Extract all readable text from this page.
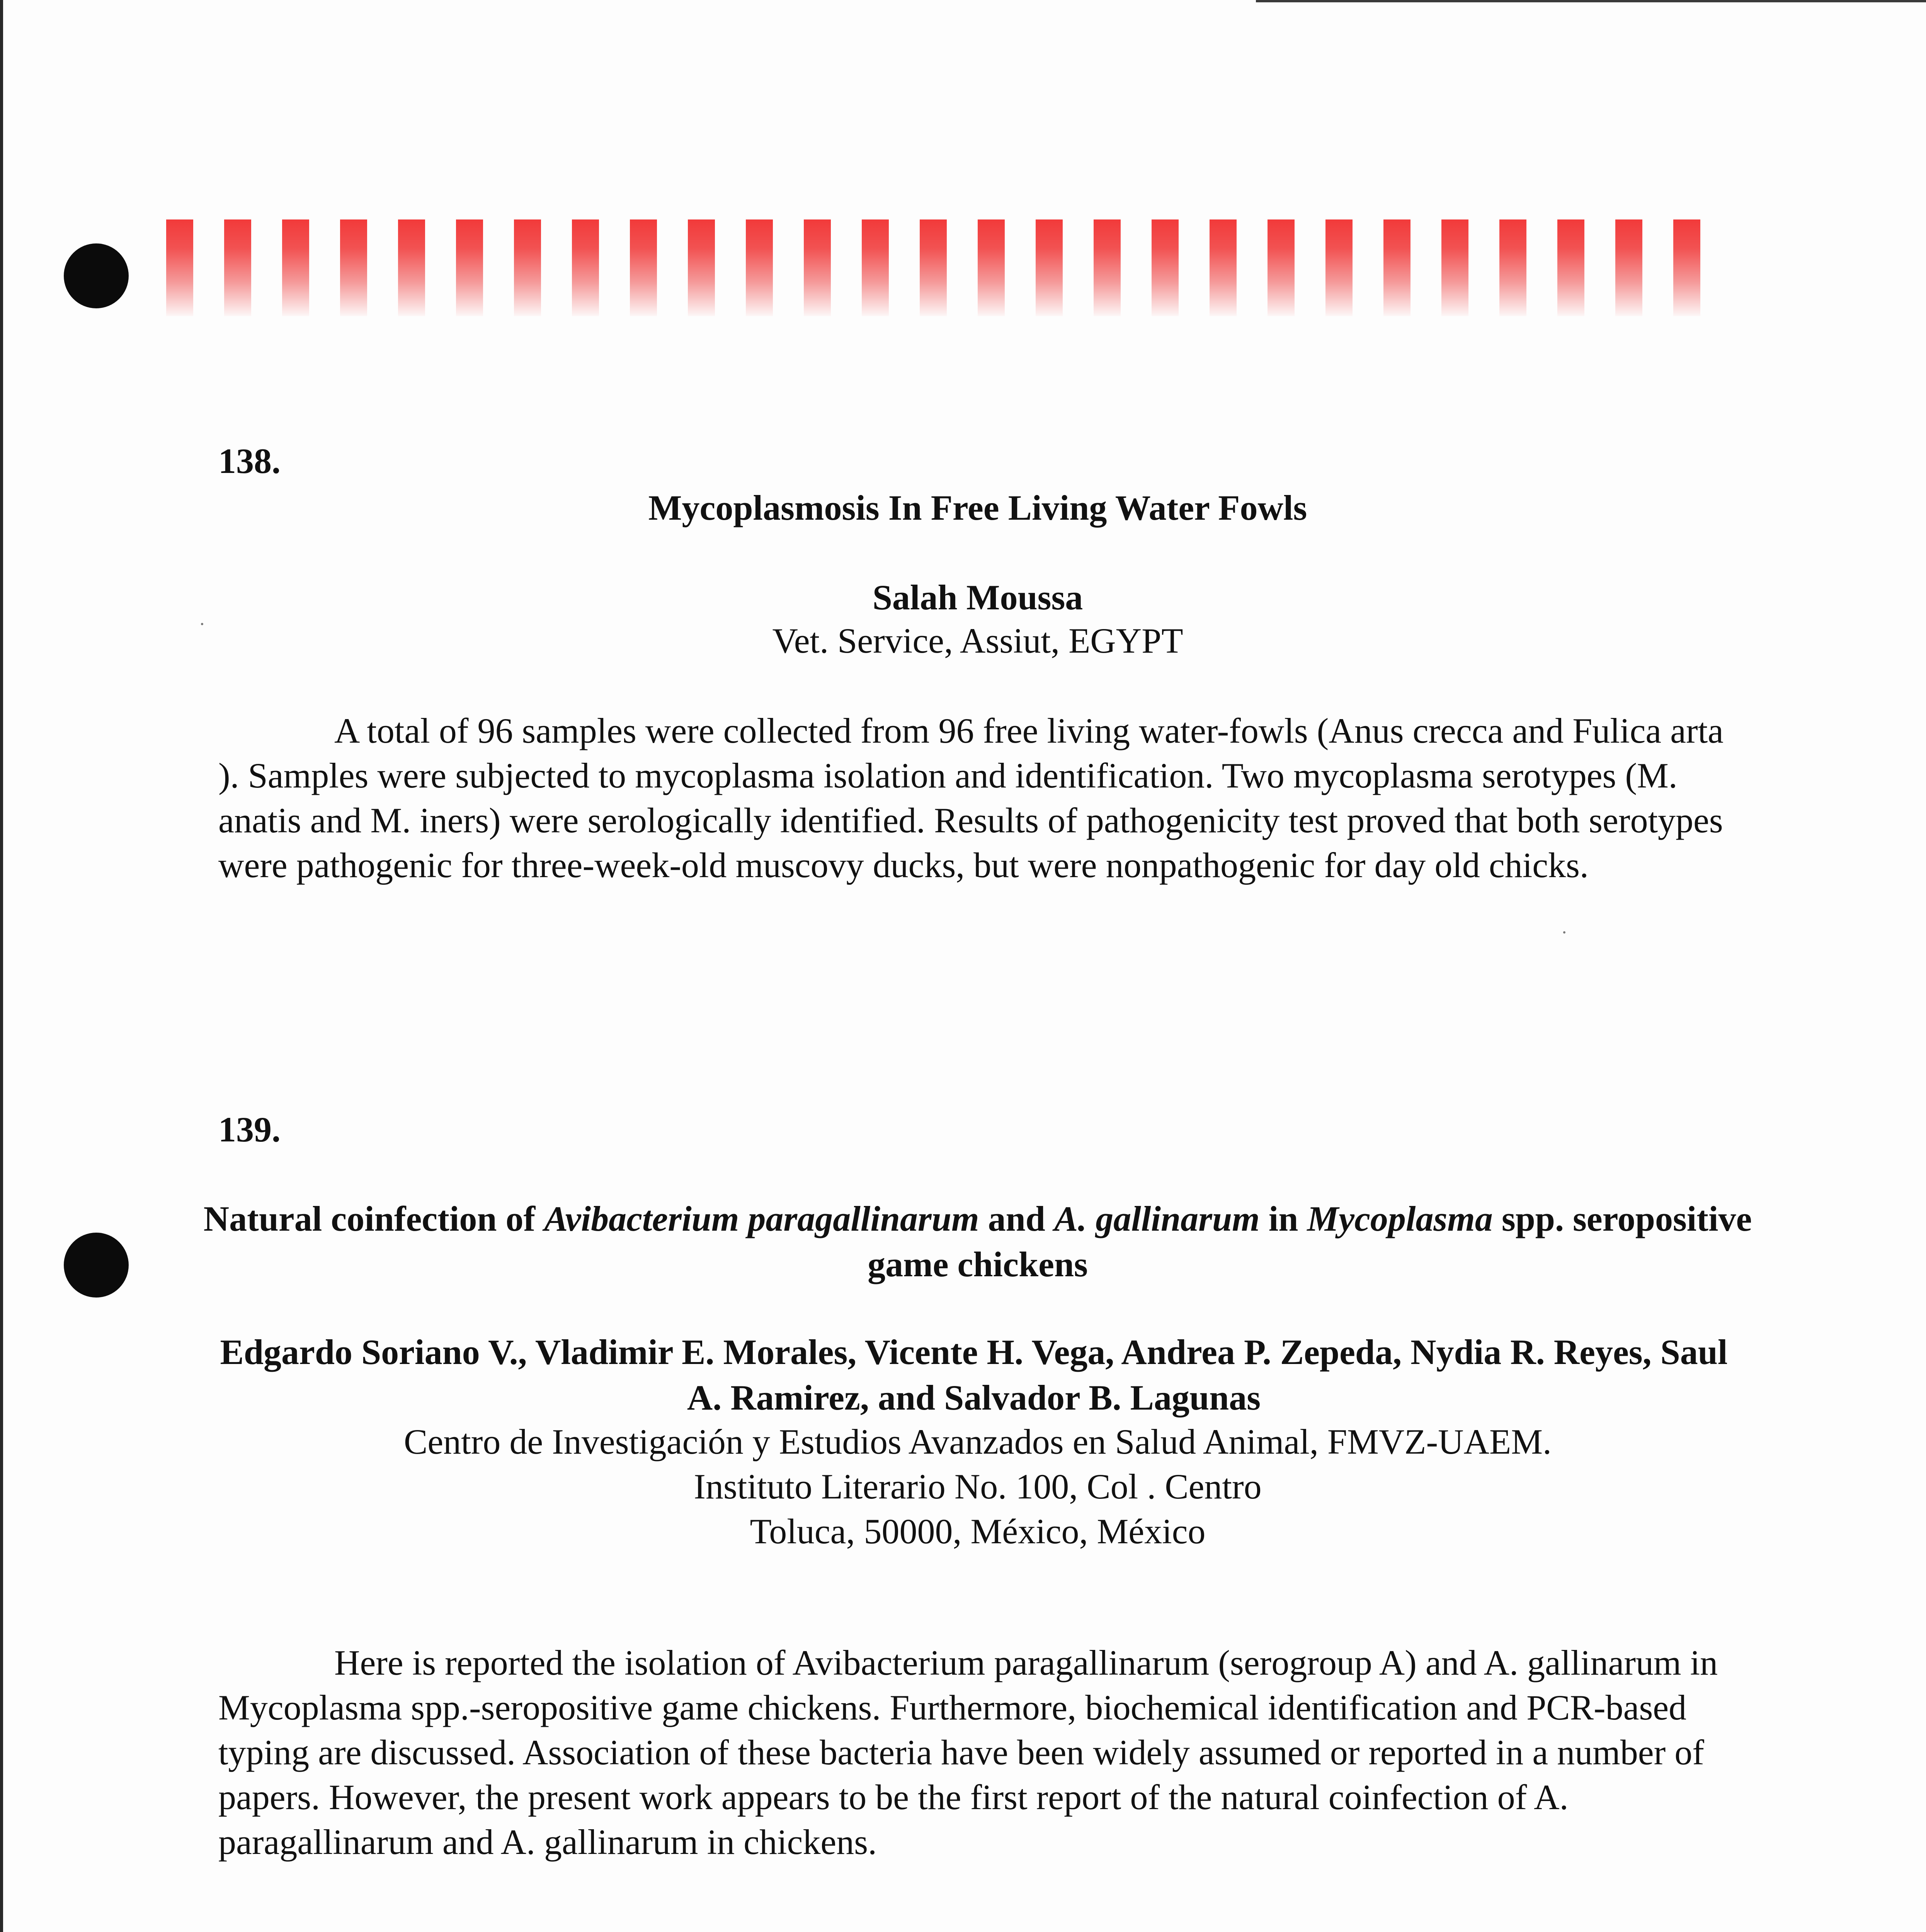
138.

Mycoplasmosis In Free Living Water Fowls

Salah Moussa

Vet. Service, Assiut, EGYPT

A total of 96 samples were collected from 96 free living water-fowls (Anus crecca and Fulica arta ). Samples were subjected to mycoplasma isolation and identification. Two mycoplasma serotypes (M. anatis and M. iners) were serologically identified. Results of pathogenicity test proved that both serotypes were pathogenic for three-week-old muscovy ducks, but were nonpathogenic for day old chicks.

139.

Natural coinfection of Avibacterium paragallinarum and A. gallinarum in Mycoplasma spp. seropositive game chickens

Edgardo Soriano V., Vladimir E. Morales, Vicente H. Vega, Andrea P. Zepeda, Nydia R. Reyes, Saul A. Ramirez, and Salvador B. Lagunas

Centro de Investigación y Estudios Avanzados en Salud Animal, FMVZ-UAEM.
Instituto Literario No. 100, Col . Centro
Toluca, 50000, México, México

Here is reported the isolation of Avibacterium paragallinarum (serogroup A) and A. gallinarum in Mycoplasma spp.-seropositive game chickens. Furthermore, biochemical identification and PCR-based typing are discussed. Association of these bacteria have been widely assumed or reported in a number of papers. However, the present work appears to be the first report of the natural coinfection of A. paragallinarum and A. gallinarum in chickens.
